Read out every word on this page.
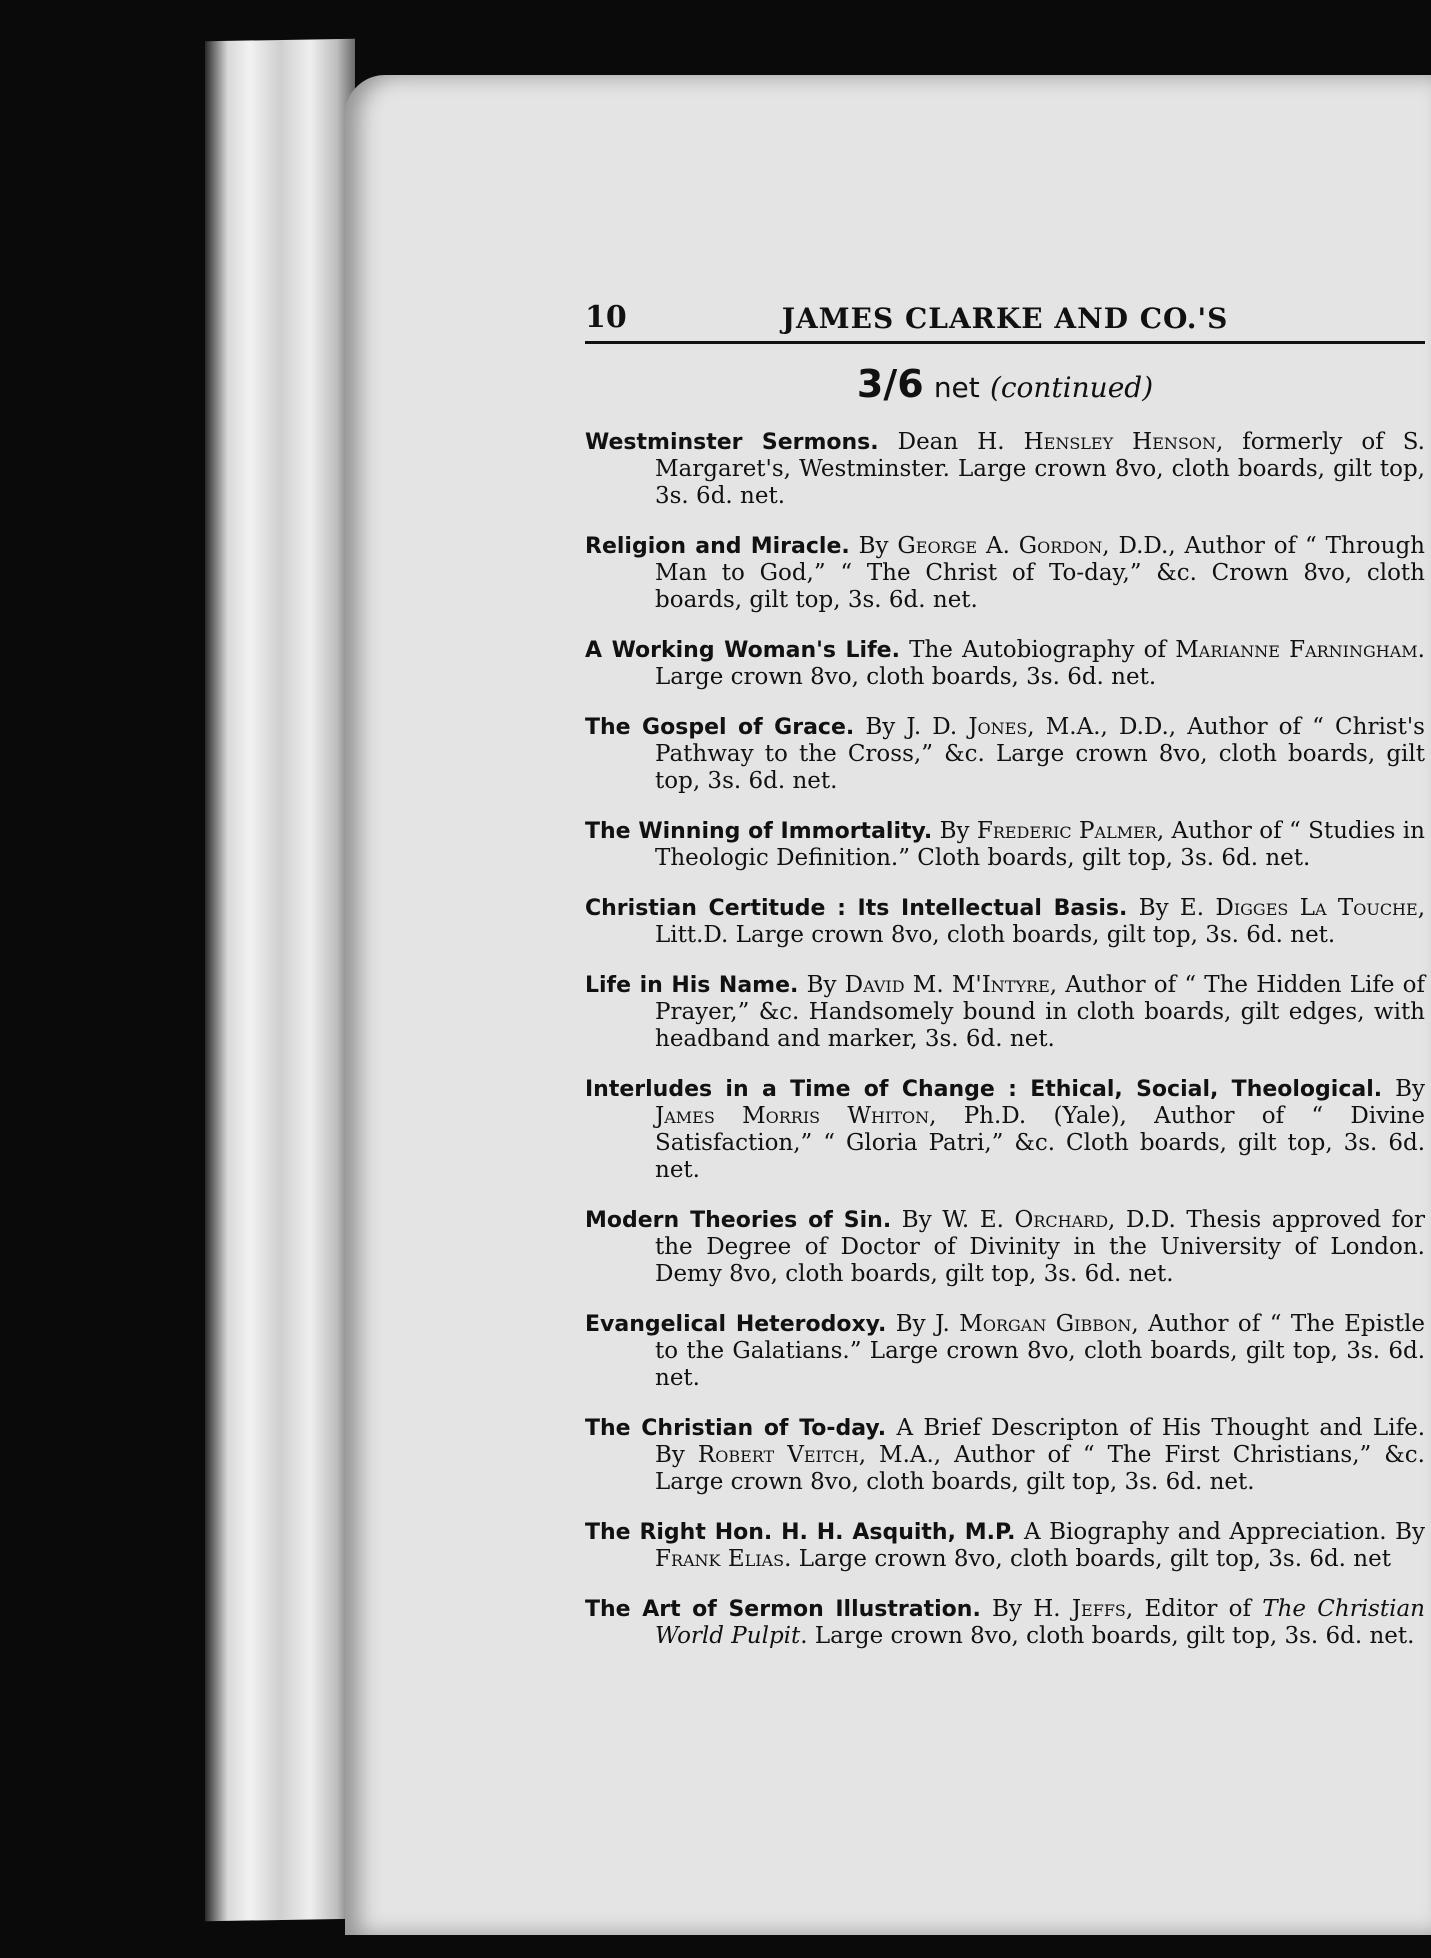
10	JAMES CLARKE AND CO.'S
3/6 net (continued)

Westminster Sermons. Dean H. Hensley Henson, formerly of S. Margaret's, Westminster. Large crown 8vo, cloth boards, gilt top, 3s. 6d. net.

Religion and Miracle. By George A. Gordon, D.D., Author of “ Through Man to God,” “ The Christ of To-day,” &c. Crown 8vo, cloth boards, gilt top, 3s. 6d. net.

A Working Woman's Life. The Autobiography of Marianne Farningham. Large crown 8vo, cloth boards, 3s. 6d. net.

The Gospel of Grace. By J. D. Jones, M.A., D.D., Author of “ Christ's Pathway to the Cross,” &c. Large crown 8vo, cloth boards, gilt top, 3s. 6d. net.

The Winning of Immortality. By Frederic Palmer, Author of “ Studies in Theologic Definition.” Cloth boards, gilt top, 3s. 6d. net.

Christian Certitude : Its Intellectual Basis. By E. Digges La Touche, Litt.D. Large crown 8vo, cloth boards, gilt top, 3s. 6d. net.

Life in His Name. By David M. M'Intyre, Author of “ The Hidden Life of Prayer,” &c. Handsomely bound in cloth boards, gilt edges, with headband and marker, 3s. 6d. net.

Interludes in a Time of Change : Ethical, Social, Theological. By James Morris Whiton, Ph.D. (Yale), Author of “ Divine Satisfaction,” “ Gloria Patri,” &c. Cloth boards, gilt top, 3s. 6d. net.

Modern Theories of Sin. By W. E. Orchard, D.D. Thesis approved for the Degree of Doctor of Divinity in the University of London. Demy 8vo, cloth boards, gilt top, 3s. 6d. net.

Evangelical Heterodoxy. By J. Morgan Gibbon, Author of “ The Epistle to the Galatians.” Large crown 8vo, cloth boards, gilt top, 3s. 6d. net.

The Christian of To-day. A Brief Descripton of His Thought and Life. By Robert Veitch, M.A., Author of “ The First Christians,” &c. Large crown 8vo, cloth boards, gilt top, 3s. 6d. net.

The Right Hon. H. H. Asquith, M.P. A Biography and Appreciation. By Frank Elias. Large crown 8vo, cloth boards, gilt top, 3s. 6d. net

The Art of Sermon Illustration. By H. Jeffs, Editor of The Christian World Pulpit. Large crown 8vo, cloth boards, gilt top, 3s. 6d. net.
